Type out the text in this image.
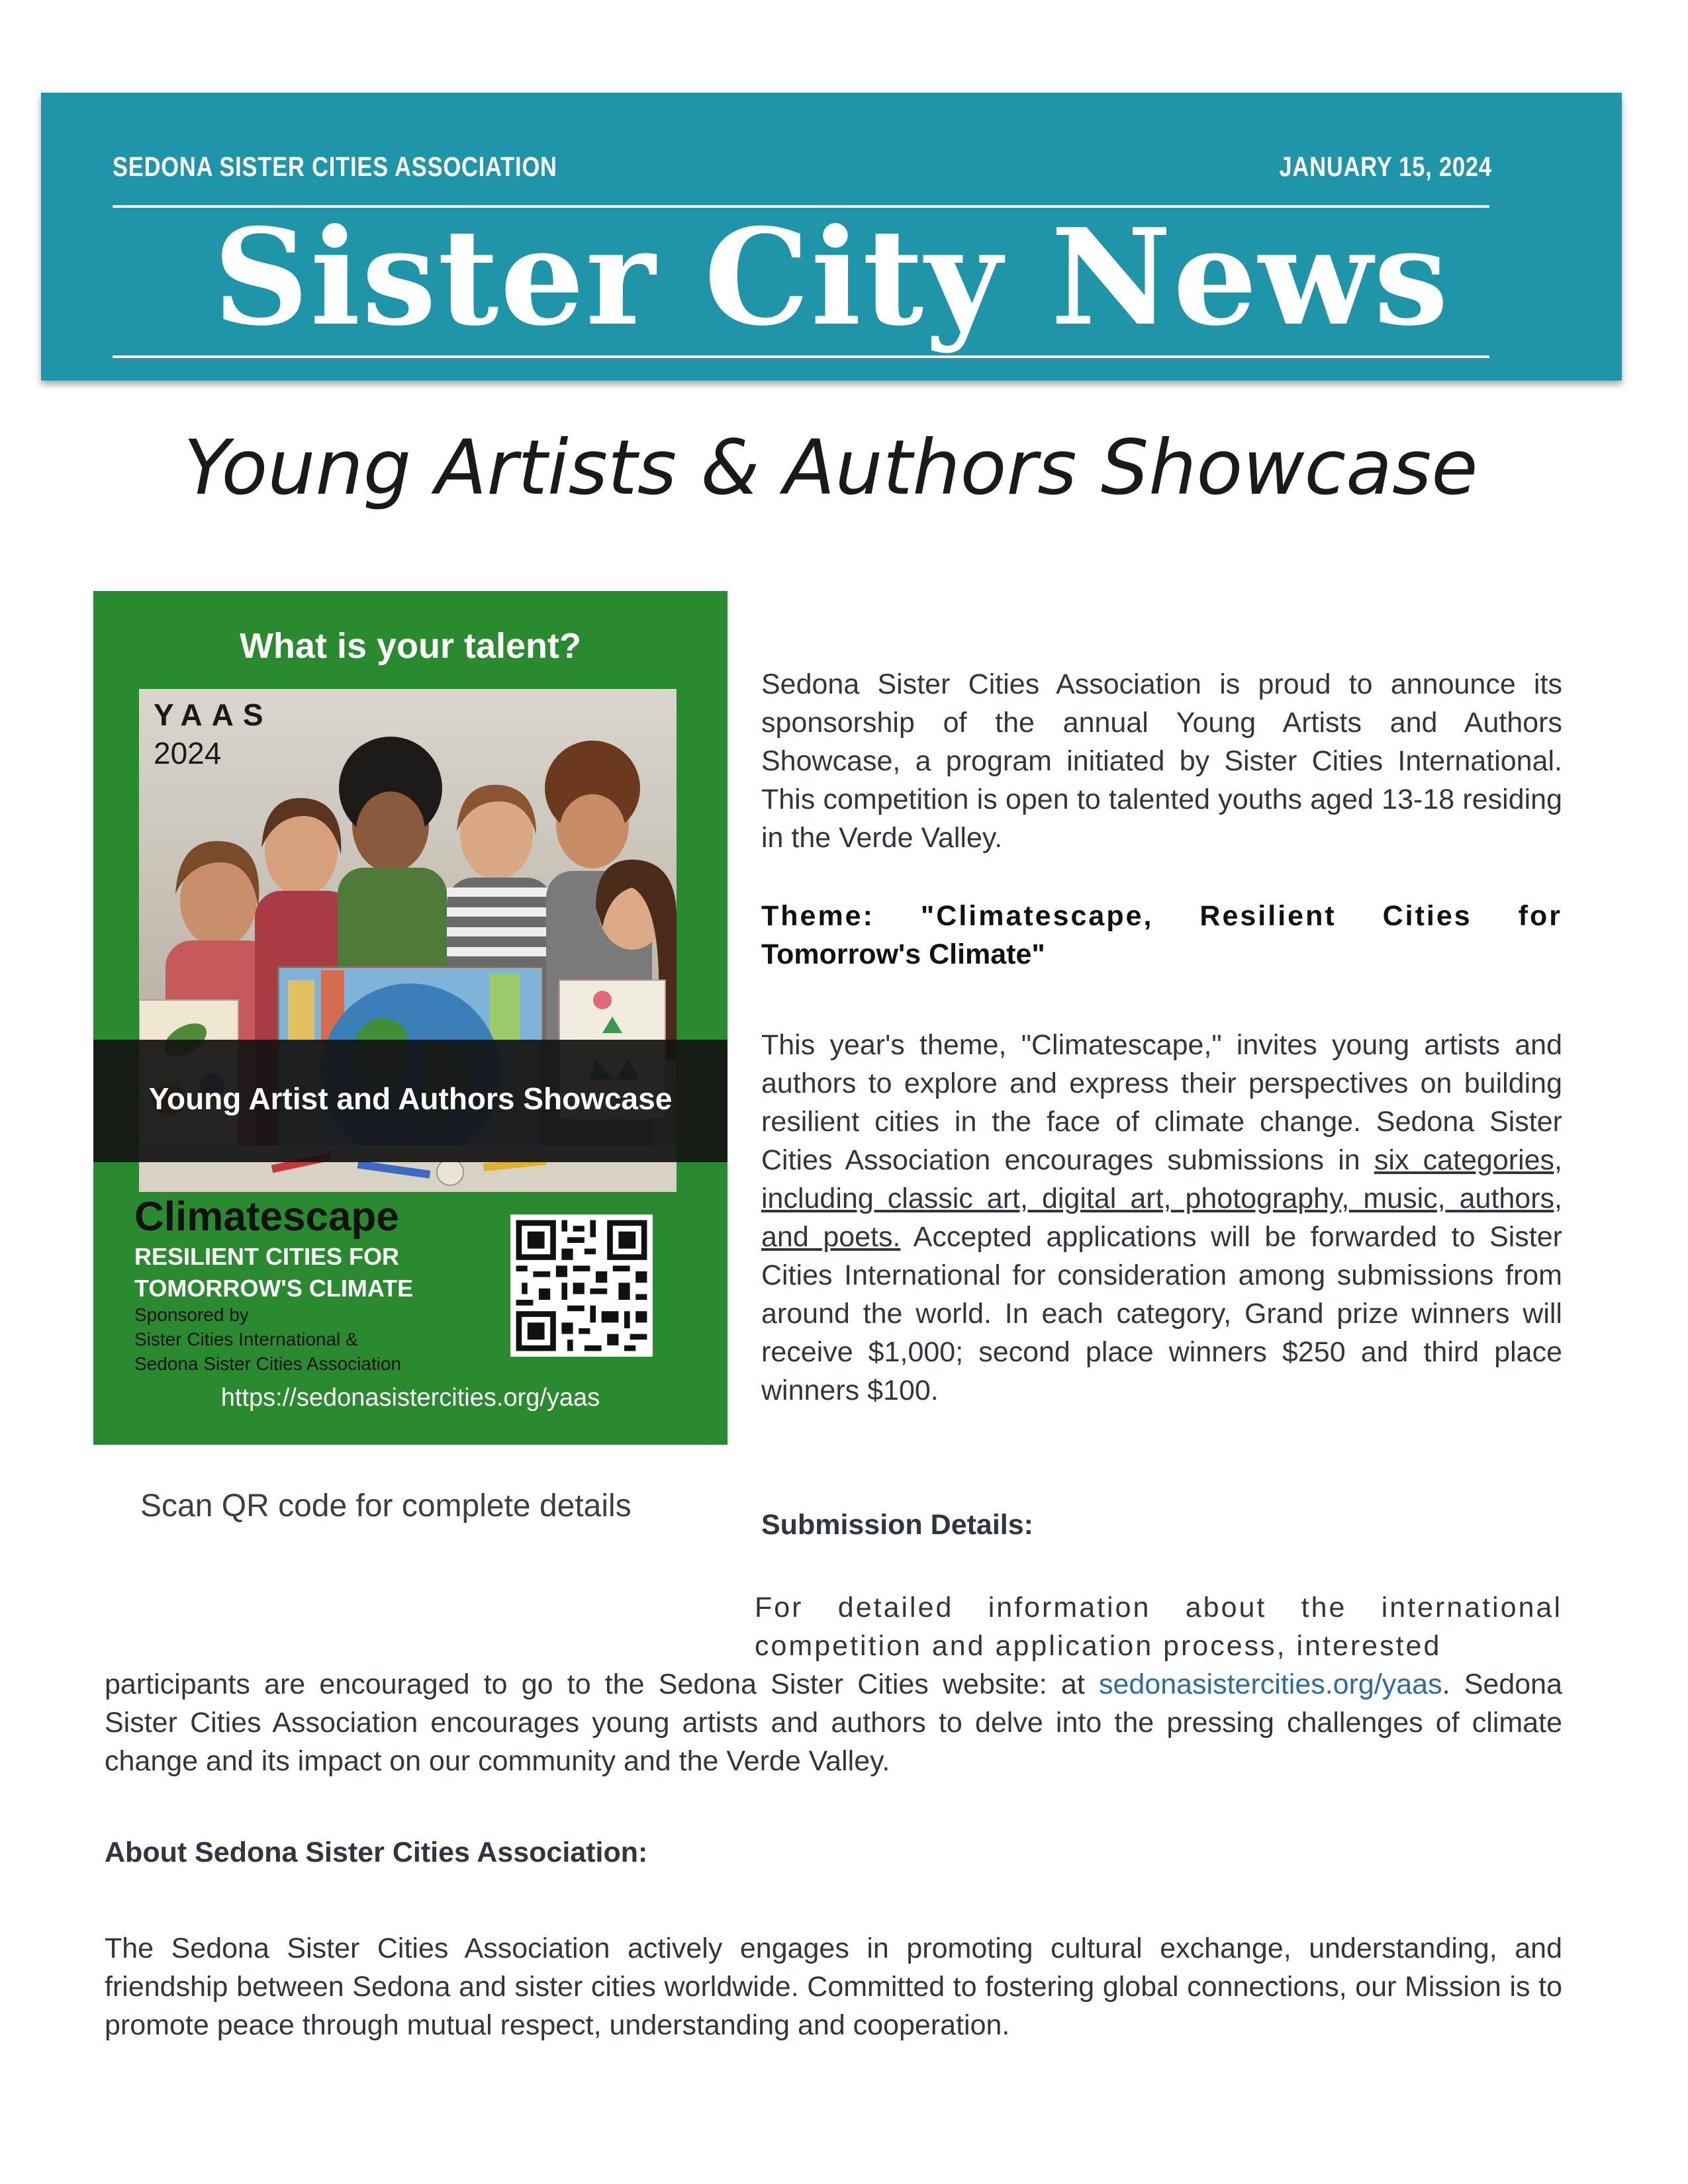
SEDONA SISTER CITIES ASSOCIATION	JANUARY 15, 2024
Sister City News
Young Artists & Authors Showcase
What is your talent?
YAAS
2024
Young Artist and Authors Showcase
Climatescape
RESILIENT CITIES FOR
TOMORROW'S CLIMATE
Sponsored by
Sister Cities International &
Sedona Sister Cities Association
https://sedonasistercities.org/yaas
Scan QR code for complete details
Sedona Sister Cities Association is proud to announce its sponsorship of the annual Young Artists and Authors Showcase, a program initiated by Sister Cities International. This competition is open to talented youths aged 13-18 residing in the Verde Valley.
Theme: "Climatescape, Resilient Cities for
Tomorrow's Climate"
This year's theme, "Climatescape," invites young artists and authors to explore and express their perspectives on building resilient cities in the face of climate change. Sedona Sister Cities Association encourages submissions in six categories, including classic art, digital art, photography, music, authors, and poets. Accepted applications will be forwarded to Sister Cities International for consideration among submissions from around the world. In each category, Grand prize winners will receive $1,000; second place winners $250 and third place winners $100.
Submission Details:
For detailed information about the international competition and application process, interested
participants are encouraged to go to the Sedona Sister Cities website: at sedonasistercities.org/yaas. Sedona Sister Cities Association encourages young artists and authors to delve into the pressing challenges of climate change and its impact on our community and the Verde Valley.
About Sedona Sister Cities Association:
The Sedona Sister Cities Association actively engages in promoting cultural exchange, understanding, and friendship between Sedona and sister cities worldwide. Committed to fostering global connections, our Mission is to promote peace through mutual respect, understanding and cooperation.
